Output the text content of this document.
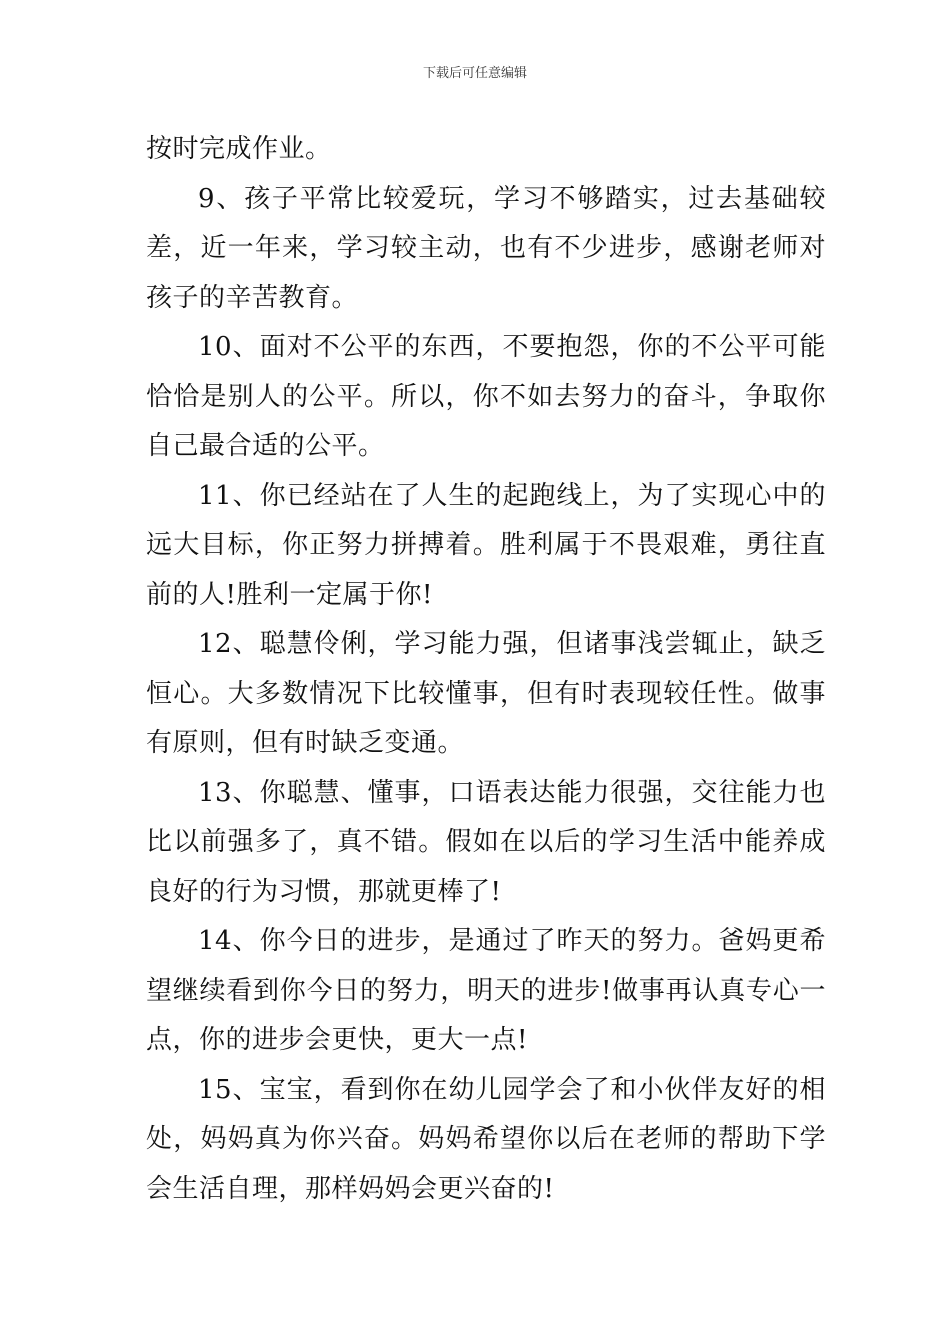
下载后可任意编辑

按时完成作业。

9、孩子平常比较爱玩，学习不够踏实，过去基础较差，近一年来，学习较主动，也有不少进步，感谢老师对孩子的辛苦教育。

10、面对不公平的东西，不要抱怨，你的不公平可能恰恰是别人的公平。所以，你不如去努力的奋斗，争取你自己最合适的公平。

11、你已经站在了人生的起跑线上，为了实现心中的远大目标，你正努力拼搏着。胜利属于不畏艰难，勇往直前的人!胜利一定属于你!

12、聪慧伶俐，学习能力强，但诸事浅尝辄止，缺乏恒心。大多数情况下比较懂事，但有时表现较任性。做事有原则，但有时缺乏变通。

13、你聪慧、懂事，口语表达能力很强，交往能力也比以前强多了，真不错。假如在以后的学习生活中能养成良好的行为习惯，那就更棒了!

14、你今日的进步，是通过了昨天的努力。爸妈更希望继续看到你今日的努力，明天的进步!做事再认真专心一点，你的进步会更快，更大一点!

15、宝宝，看到你在幼儿园学会了和小伙伴友好的相处，妈妈真为你兴奋。妈妈希望你以后在老师的帮助下学会生活自理，那样妈妈会更兴奋的!
